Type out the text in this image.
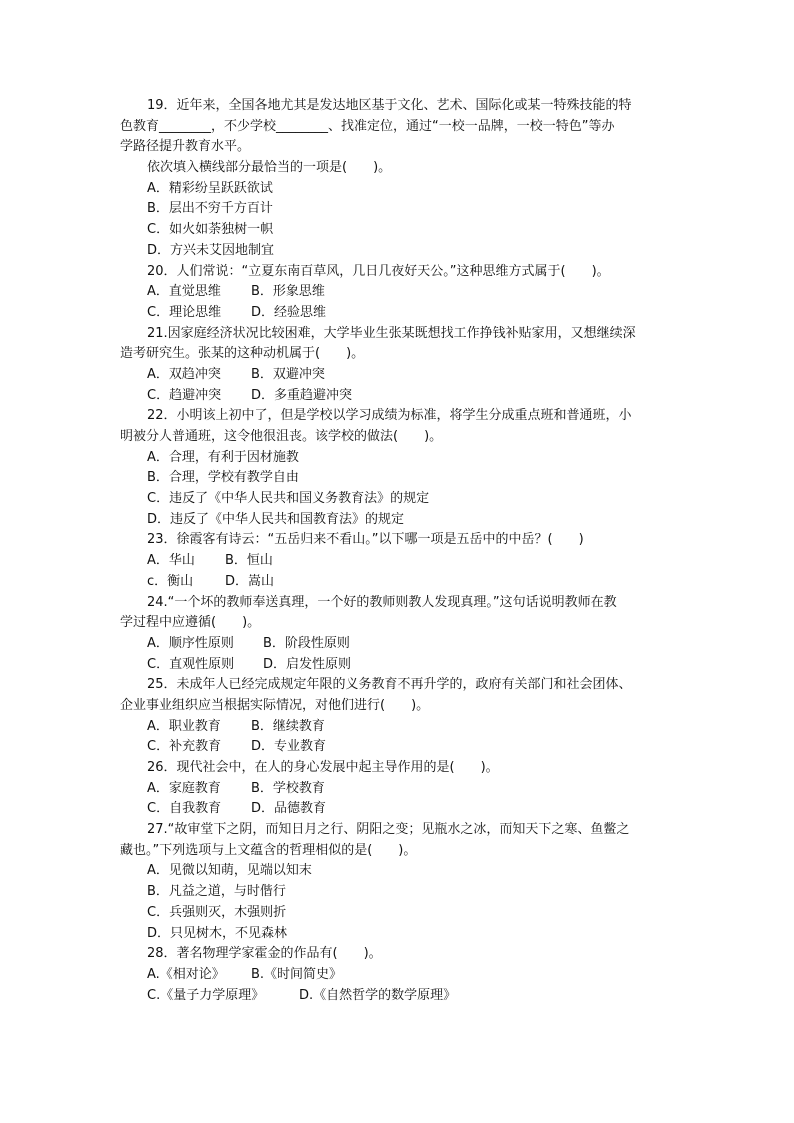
19．近年来，全国各地尤其是发达地区基于文化、艺术、国际化或某一特殊技能的特
色教育________，不少学校________、找准定位，通过“一校一品牌，一校一特色”等办
学路径提升教育水平。
依次填入横线部分最恰当的一项是(　　)。
A．精彩纷呈跃跃欲试
B．层出不穷千方百计
C．如火如荼独树一帜
D．方兴未艾因地制宜
20．人们常说：“立夏东南百草风，几日几夜好天公。”这种思维方式属于(　　)。
A．直觉思维 B．形象思维
C．理论思维 D．经验思维
21.因家庭经济状况比较困难，大学毕业生张某既想找工作挣钱补贴家用，又想继续深
造考研究生。张某的这种动机属于(　　)。
A．双趋冲突 B．双避冲突
C．趋避冲突 D．多重趋避冲突
22．小明该上初中了，但是学校以学习成绩为标准，将学生分成重点班和普通班，小
明被分人普通班，这令他很沮丧。该学校的做法(　　)。
A．合理，有利于因材施教
B．合理，学校有教学自由
C．违反了《中华人民共和国义务教育法》的规定
D．违反了《中华人民共和国教育法》的规定
23．徐霞客有诗云：“五岳归来不看山。”以下哪一项是五岳中的中岳？(　　)
A．华山 B．恒山
c．衡山 D．嵩山
24.“一个坏的教师奉送真理，一个好的教师则教人发现真理。”这句话说明教师在教
学过程中应遵循(　　)。
A．顺序性原则 B．阶段性原则
C．直观性原则 D．启发性原则
25．未成年人已经完成规定年限的义务教育不再升学的，政府有关部门和社会团体、
企业事业组织应当根据实际情况，对他们进行(　　)。
A．职业教育 B．继续教育
C．补充教育 D．专业教育
26．现代社会中，在人的身心发展中起主导作用的是(　　)。
A．家庭教育 B．学校教育
C．自我教育 D．品德教育
27.“故审堂下之阴，而知日月之行、阴阳之变；见瓶水之冰，而知天下之寒、鱼鳖之
藏也。”下列选项与上文蕴含的哲理相似的是(　　)。
A．见微以知萌，见端以知末
B．凡益之道，与时偕行
C．兵强则灭，木强则折
D．只见树木，不见森林
28．著名物理学家霍金的作品有(　　)。
A.《相对论》 B.《时间简史》
C.《量子力学原理》	D.《自然哲学的数学原理》
